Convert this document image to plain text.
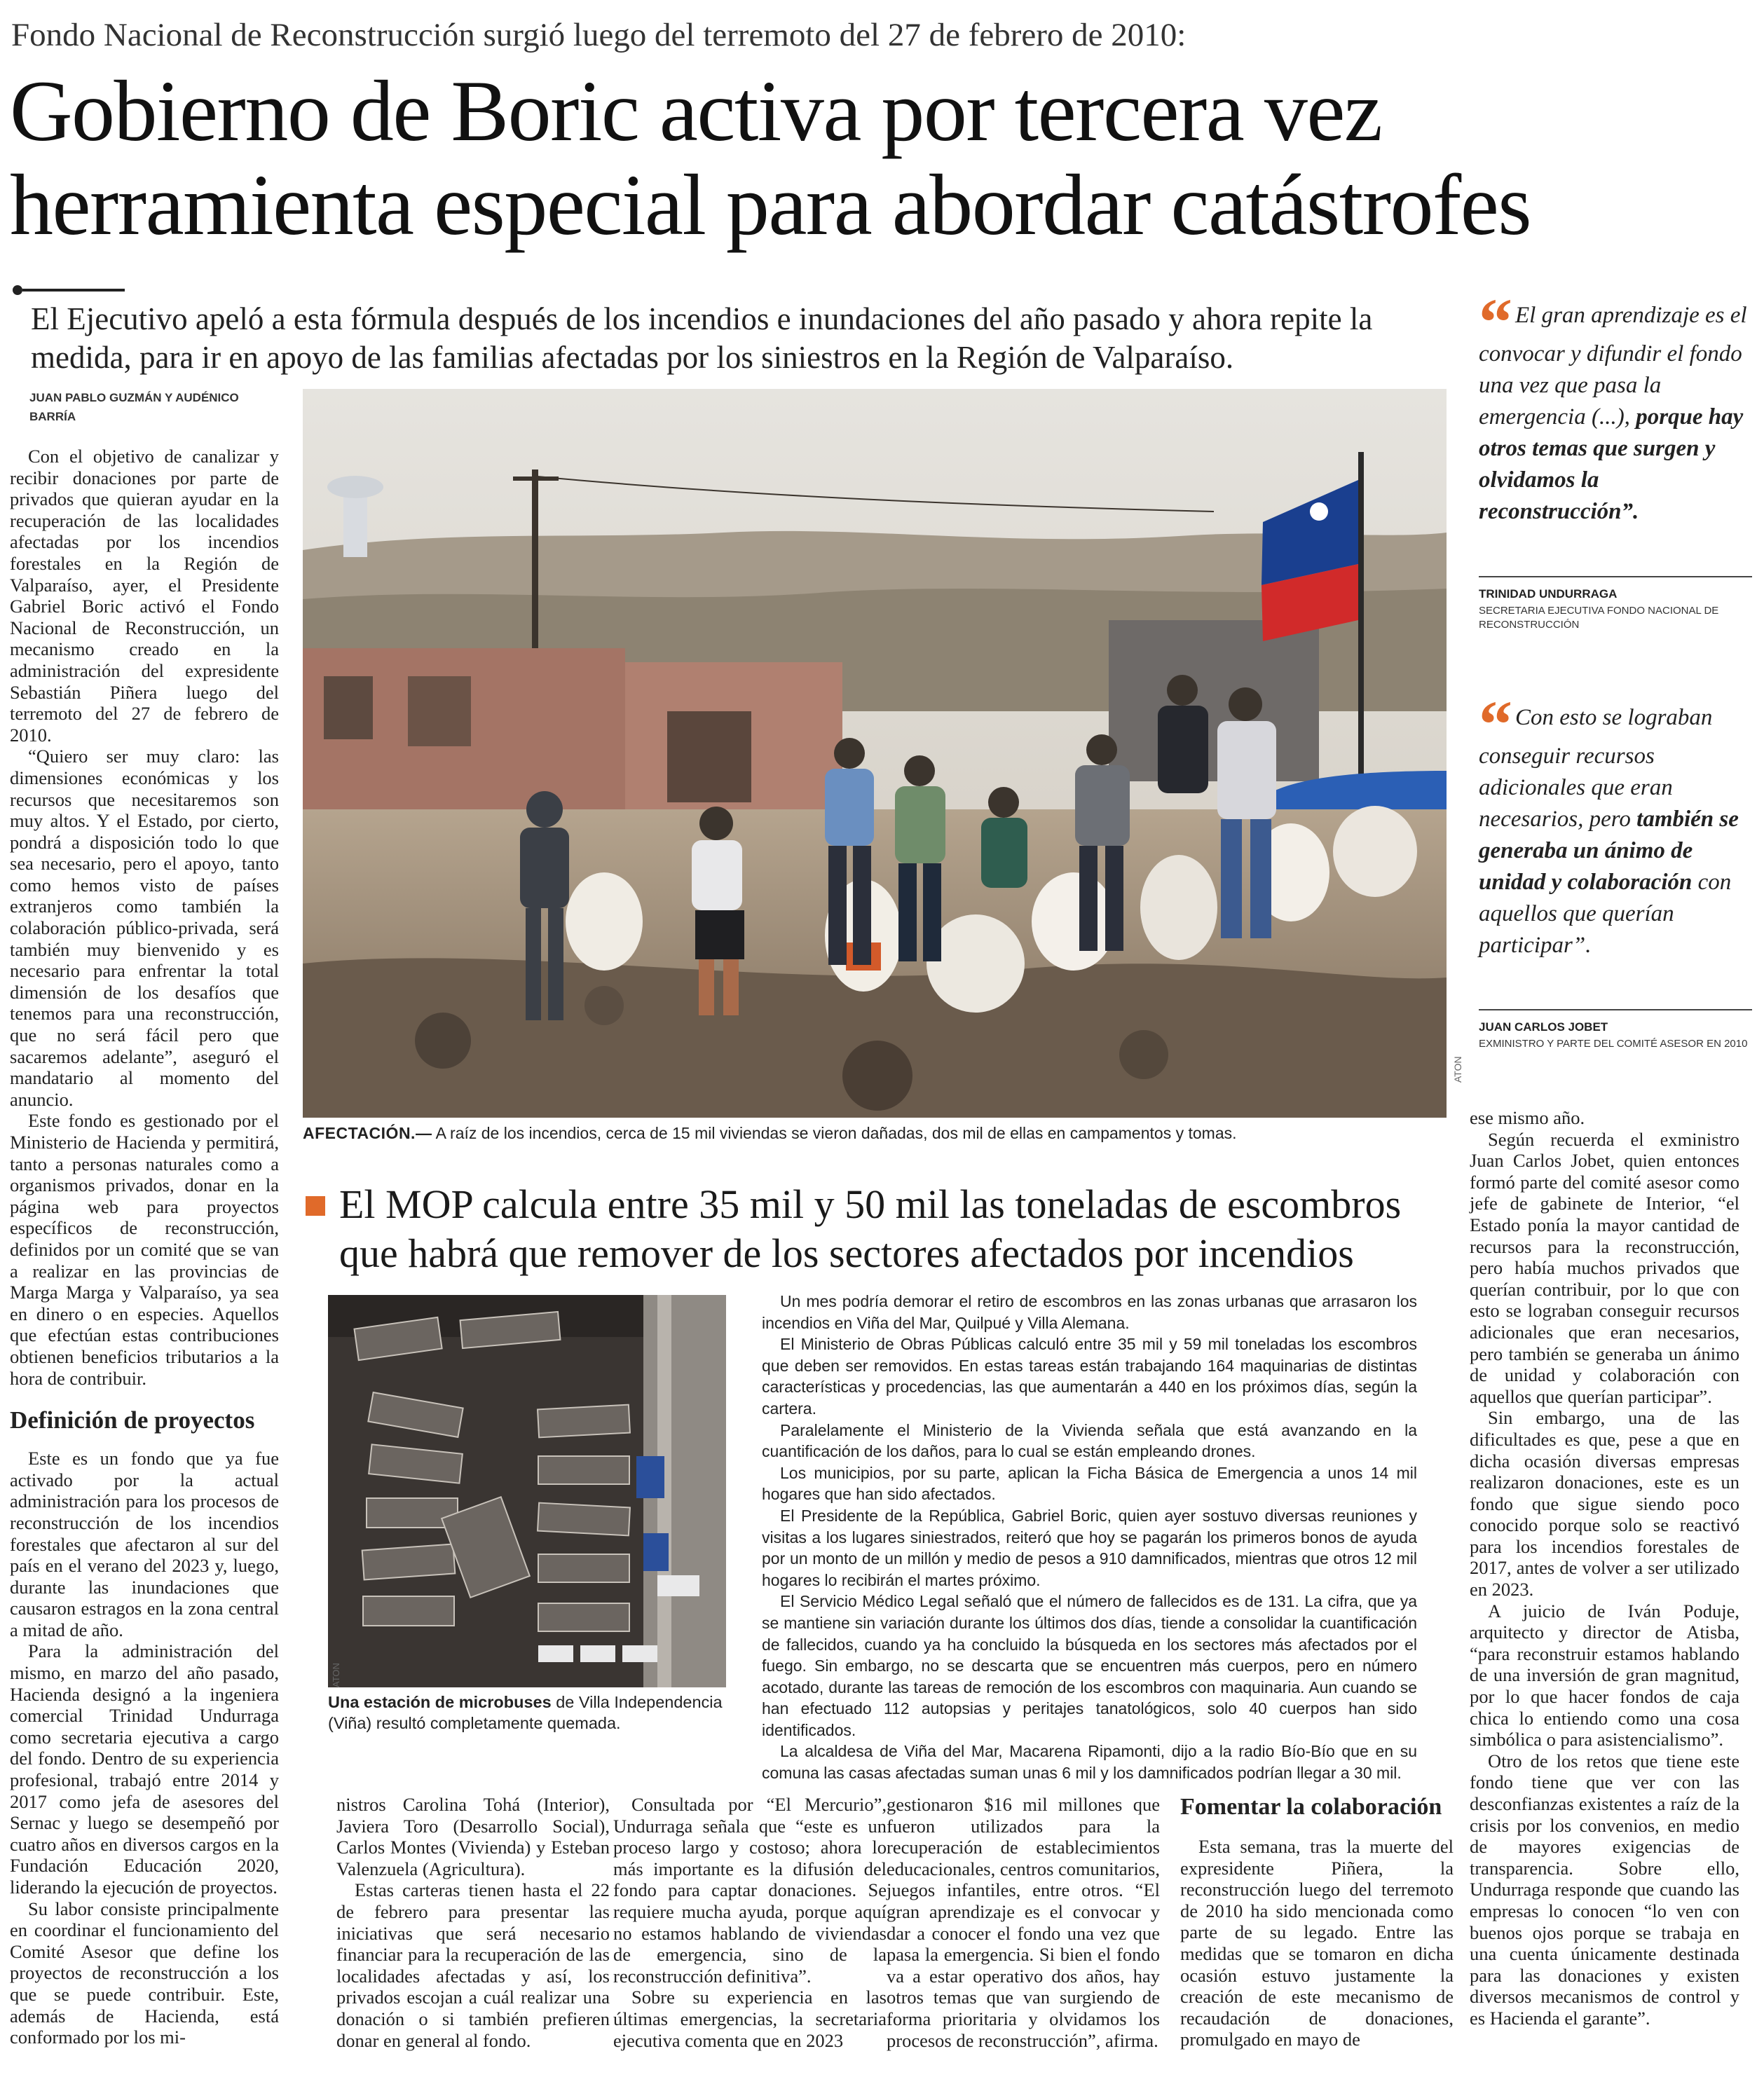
Fondo Nacional de Reconstrucción surgió luego del terremoto del 27 de febrero de 2010:
Gobierno de Boric activa por tercera vez
herramienta especial para abordar catástrofes
El Ejecutivo apeló a esta fórmula después de los incendios e inundaciones del año pasado y ahora repite la medida, para ir en apoyo de las familias afectadas por los siniestros en la Región de Valparaíso.
JUAN PABLO GUZMÁN Y AUDÉNICO
BARRÍA

Con el objetivo de canalizar y recibir donaciones por parte de privados que quieran ayudar en la recuperación de las localidades afectadas por los incendios forestales en la Región de Valparaíso, ayer, el Presidente Gabriel Boric activó el Fondo Nacional de Reconstrucción, un mecanismo creado en la administración del expresidente Sebastián Piñera luego del terremoto del 27 de febrero de 2010.

“Quiero ser muy claro: las dimensiones económicas y los recursos que necesitaremos son muy altos. Y el Estado, por cierto, pondrá a disposición todo lo que sea necesario, pero el apoyo, tanto como hemos visto de países extranjeros como también la colaboración público-privada, será también muy bienvenido y es necesario para enfrentar la total dimensión de los desafíos que tenemos para una reconstrucción, que no será fácil pero que sacaremos adelante”, aseguró el mandatario al momento del anuncio.

Este fondo es gestionado por el Ministerio de Hacienda y permitirá, tanto a personas naturales como a organismos privados, donar en la página web para proyectos específicos de reconstrucción, definidos por un comité que se van a realizar en las provincias de Marga Marga y Valparaíso, ya sea en dinero o en especies. Aquellos que efectúan estas contribuciones obtienen beneficios tributarios a la hora de contribuir.

Definición de proyectos

Este es un fondo que ya fue activado por la actual administración para los procesos de reconstrucción de los incendios forestales que afectaron al sur del país en el verano del 2023 y, luego, durante las inundaciones que causaron estragos en la zona central a mitad de año.

Para la administración del mismo, en marzo del año pasado, Hacienda designó a la ingeniera comercial Trinidad Undurraga como secretaria ejecutiva a cargo del fondo. Dentro de su experiencia profesional, trabajó entre 2014 y 2017 como jefa de asesores del Sernac y luego se desempeñó por cuatro años en diversos cargos en la Fundación Educación 2020, liderando la ejecución de proyectos.

Su labor consiste principalmente en coordinar el funcionamiento del Comité Asesor que define los proyectos de reconstrucción a los que se puede contribuir. Este, además de Hacienda, está conformado por los mi-

ATON
AFECTACIÓN.— A raíz de los incendios, cerca de 15 mil viviendas se vieron dañadas, dos mil de ellas en campamentos y tomas.
“ El gran aprendizaje es el convocar y difundir el fondo una vez que pasa la emergencia (...), porque hay otros temas que surgen y olvidamos la reconstrucción”.
TRINIDAD UNDURRAGA
SECRETARIA EJECUTIVA FONDO NACIONAL DE RECONSTRUCCIÓN
“ Con esto se lograban conseguir recursos adicionales que eran necesarios, pero también se generaba un ánimo de unidad y colaboración con aquellos que querían participar”.
JUAN CARLOS JOBET
EXMINISTRO Y PARTE DEL COMITÉ ASESOR EN 2010

ese mismo año.

Según recuerda el exministro Juan Carlos Jobet, quien entonces formó parte del comité asesor como jefe de gabinete de Interior, “el Estado ponía la mayor cantidad de recursos para la reconstrucción, pero había muchos privados que querían contribuir, por lo que con esto se lograban conseguir recursos adicionales que eran necesarios, pero también se generaba un ánimo de unidad y colaboración con aquellos que querían participar”.

Sin embargo, una de las dificultades es que, pese a que en dicha ocasión diversas empresas realizaron donaciones, este es un fondo que sigue siendo poco conocido porque solo se reactivó para los incendios forestales de 2017, antes de volver a ser utilizado en 2023.

A juicio de Iván Poduje, arquitecto y director de Atisba, “para reconstruir estamos hablando de una inversión de gran magnitud, por lo que hacer fondos de caja chica lo entiendo como una cosa simbólica o para asistencialismo”.

Otro de los retos que tiene este fondo tiene que ver con las desconfianzas existentes a raíz de la crisis por los convenios, en medio de mayores exigencias de transparencia. Sobre ello, Undurraga responde que cuando las empresas lo conocen “lo ven con buenos ojos porque se trabaja en una cuenta únicamente destinada para las donaciones y existen diversos mecanismos de control y es Hacienda el garante”.

El MOP calcula entre 35 mil y 50 mil las toneladas de escombros
que habrá que remover de los sectores afectados por incendios
ATON
Una estación de microbuses de Villa Independencia (Viña) resultó completamente quemada.

Un mes podría demorar el retiro de escombros en las zonas urbanas que arrasaron los incendios en Viña del Mar, Quilpué y Villa Alemana.

El Ministerio de Obras Públicas calculó entre 35 mil y 59 mil toneladas los escombros que deben ser removidos. En estas tareas están trabajando 164 maquinarias de distintas características y procedencias, las que aumentarán a 440 en los próximos días, según la cartera.

Paralelamente el Ministerio de la Vivienda señala que está avanzando en la cuantificación de los daños, para lo cual se están empleando drones.

Los municipios, por su parte, aplican la Ficha Básica de Emergencia a unos 14 mil hogares que han sido afectados.

El Presidente de la República, Gabriel Boric, quien ayer sostuvo diversas reuniones y visitas a los lugares siniestrados, reiteró que hoy se pagarán los primeros bonos de ayuda por un monto de un millón y medio de pesos a 910 damnificados, mientras que otros 12 mil hogares lo recibirán el martes próximo.

El Servicio Médico Legal señaló que el número de fallecidos es de 131. La cifra, que ya se mantiene sin variación durante los últimos dos días, tiende a consolidar la cuantificación de fallecidos, cuando ya ha concluido la búsqueda en los sectores más afectados por el fuego. Sin embargo, no se descarta que se encuentren más cuerpos, pero en número acotado, durante las tareas de remoción de los escombros con maquinaria. Aun cuando se han efectuado 112 autopsias y peritajes tanatológicos, solo 40 cuerpos han sido identificados.

La alcaldesa de Viña del Mar, Macarena Ripamonti, dijo a la radio Bío-Bío que en su comuna las casas afectadas suman unas 6 mil y los damnificados podrían llegar a 30 mil.

nistros Carolina Tohá (Interior), Javiera Toro (Desarrollo Social), Carlos Montes (Vivienda) y Esteban Valenzuela (Agricultura).

Estas carteras tienen hasta el 22 de febrero para presentar las iniciativas que será necesario financiar para la recuperación de las localidades afectadas y así, los privados escojan a cuál realizar una donación o si también prefieren donar en general al fondo.

Consultada por “El Mercurio”, Undurraga señala que “este es un proceso largo y costoso; ahora lo más importante es la difusión del fondo para captar donaciones. Se requiere mucha ayuda, porque aquí no estamos hablando de viviendas de emergencia, sino de la reconstrucción definitiva”.

Sobre su experiencia en las últimas emergencias, la secretaria ejecutiva comenta que en 2023

gestionaron $16 mil millones que fueron utilizados para la recuperación de establecimientos educacionales, centros comunitarios, juegos infantiles, entre otros. “El gran aprendizaje es el convocar y dar a conocer el fondo una vez que pasa la emergencia. Si bien el fondo va a estar operativo dos años, hay otros temas que van surgiendo de forma prioritaria y olvidamos los procesos de reconstrucción”, afirma.

Fomentar la colaboración

Esta semana, tras la muerte del expresidente Piñera, la reconstrucción luego del terremoto de 2010 ha sido mencionada como parte de su legado. Entre las medidas que se tomaron en dicha ocasión estuvo justamente la creación de este mecanismo de recaudación de donaciones, promulgado en mayo de
